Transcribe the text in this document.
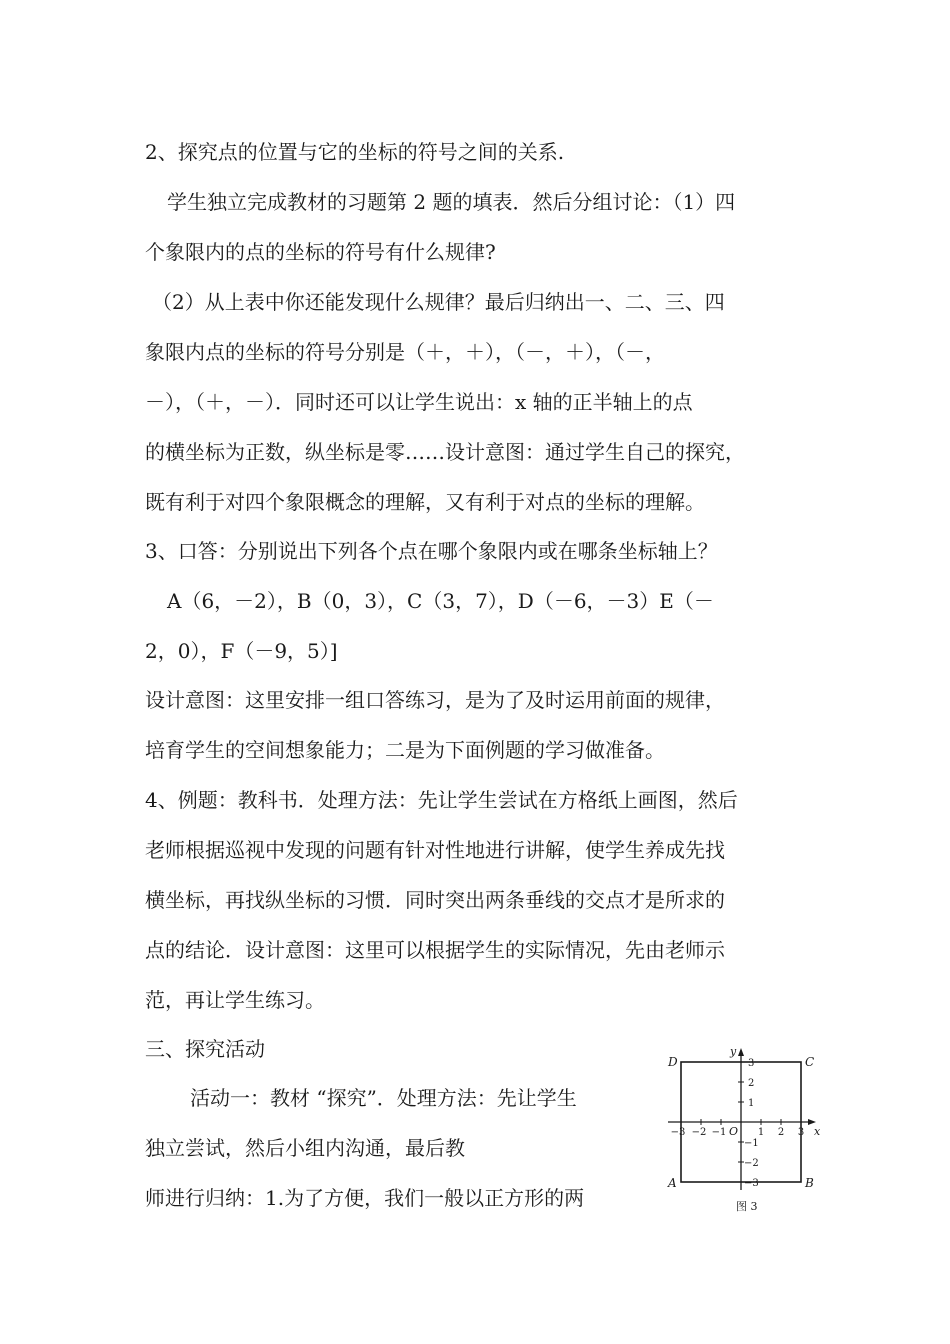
2、探究点的位置与它的坐标的符号之间的关系.
学生独立完成教材的习题第 2 题的填表．然后分组讨论：（1）四
个象限内的点的坐标的符号有什么规律?
（2）从上表中你还能发现什么规律？最后归纳出一、二、三、四
象限内点的坐标的符号分别是（＋，＋），（－，＋），（－，
－），（＋，－）．同时还可以让学生说出：x 轴的正半轴上的点
的横坐标为正数，纵坐标是零……设计意图：通过学生自己的探究，
既有利于对四个象限概念的理解，又有利于对点的坐标的理解。
3、口答：分别说出下列各个点在哪个象限内或在哪条坐标轴上？
A（6，－2），B（0，3），C（3，7），D（－6，－3）E（－
2，0），F（－9，5）]
设计意图：这里安排一组口答练习，是为了及时运用前面的规律，
培育学生的空间想象能力；二是为下面例题的学习做准备。
4、例题：教科书．处理方法：先让学生尝试在方格纸上画图，然后
老师根据巡视中发现的问题有针对性地进行讲解，使学生养成先找
横坐标，再找纵坐标的习惯．同时突出两条垂线的交点才是所求的
点的结论．设计意图：这里可以根据学生的实际情况，先由老师示
范，再让学生练习。
三、探究活动
活动一：教材 “探究”．处理方法：先让学生
独立尝试，然后小组内沟通，最后教
师进行归纳：1.为了方便，我们一般以正方形的两
−3 −2 −1	1 2 3
3
2
1
−1
−2
−3
y
x
O
D	C
A	B
图 3
